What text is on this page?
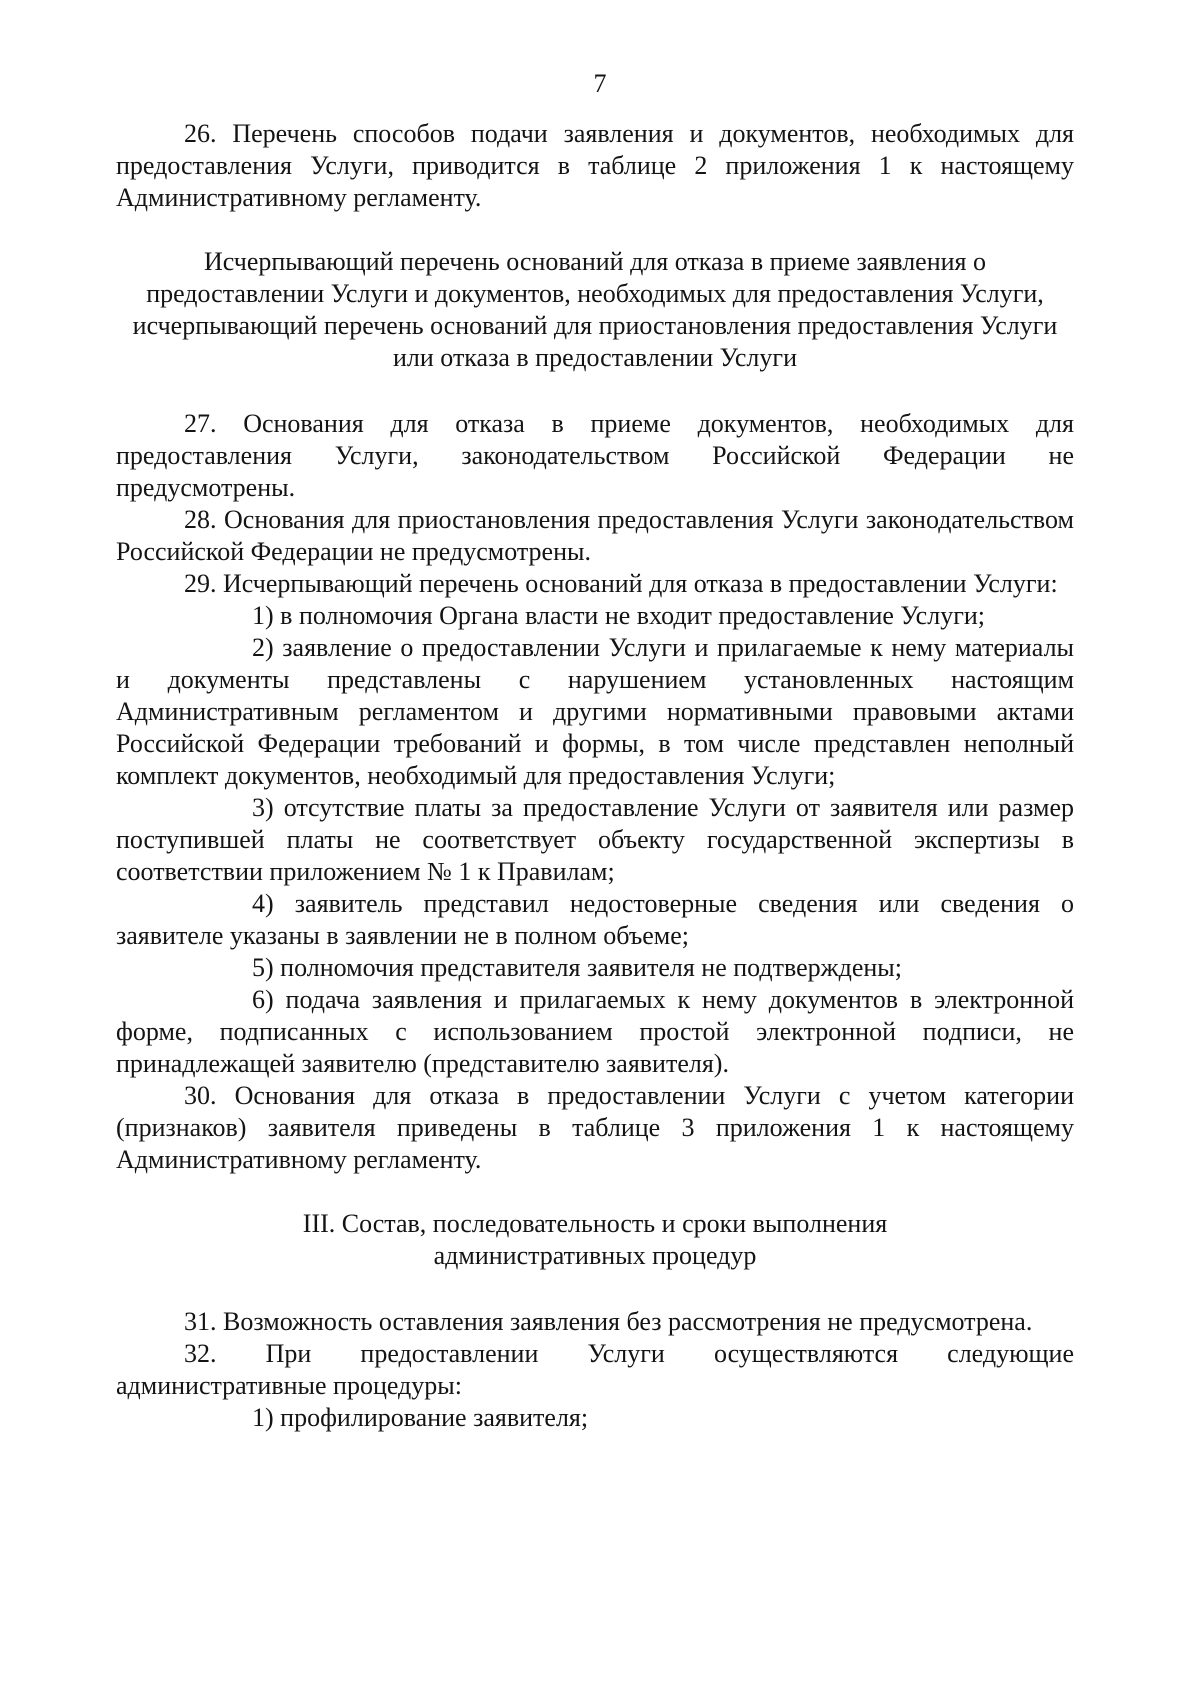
7

26. Перечень способов подачи заявления и документов, необходимых для предоставления Услуги, приводится в таблице 2 приложения 1 к настоящему Административному регламенту.

Исчерпывающий перечень оснований для отказа в приеме заявления о
предоставлении Услуги и документов, необходимых для предоставления Услуги,
исчерпывающий перечень оснований для приостановления предоставления Услуги
или отказа в предоставлении Услуги

27. Основания для отказа в приеме документов, необходимых для предоставления Услуги, законодательством Российской Федерации не предусмотрены.

28. Основания для приостановления предоставления Услуги законодательством Российской Федерации не предусмотрены.

29. Исчерпывающий перечень оснований для отказа в предоставлении Услуги:

1) в полномочия Органа власти не входит предоставление Услуги;

2) заявление о предоставлении Услуги и прилагаемые к нему материалы и документы представлены с нарушением установленных настоящим Административным регламентом и другими нормативными правовыми актами Российской Федерации требований и формы, в том числе представлен неполный комплект документов, необходимый для предоставления Услуги;

3) отсутствие платы за предоставление Услуги от заявителя или размер поступившей платы не соответствует объекту государственной экспертизы в соответствии приложением № 1 к Правилам;

4) заявитель представил недостоверные сведения или сведения о заявителе указаны в заявлении не в полном объеме;

5) полномочия представителя заявителя не подтверждены;

6) подача заявления и прилагаемых к нему документов в электронной форме, подписанных с использованием простой электронной подписи, не принадлежащей заявителю (представителю заявителя).

30. Основания для отказа в предоставлении Услуги с учетом категории (признаков) заявителя приведены в таблице 3 приложения 1 к настоящему Административному регламенту.

III. Состав, последовательность и сроки выполнения
административных процедур

31. Возможность оставления заявления без рассмотрения не предусмотрена.

32. При предоставлении Услуги осуществляются следующие административные процедуры:

1) профилирование заявителя;
